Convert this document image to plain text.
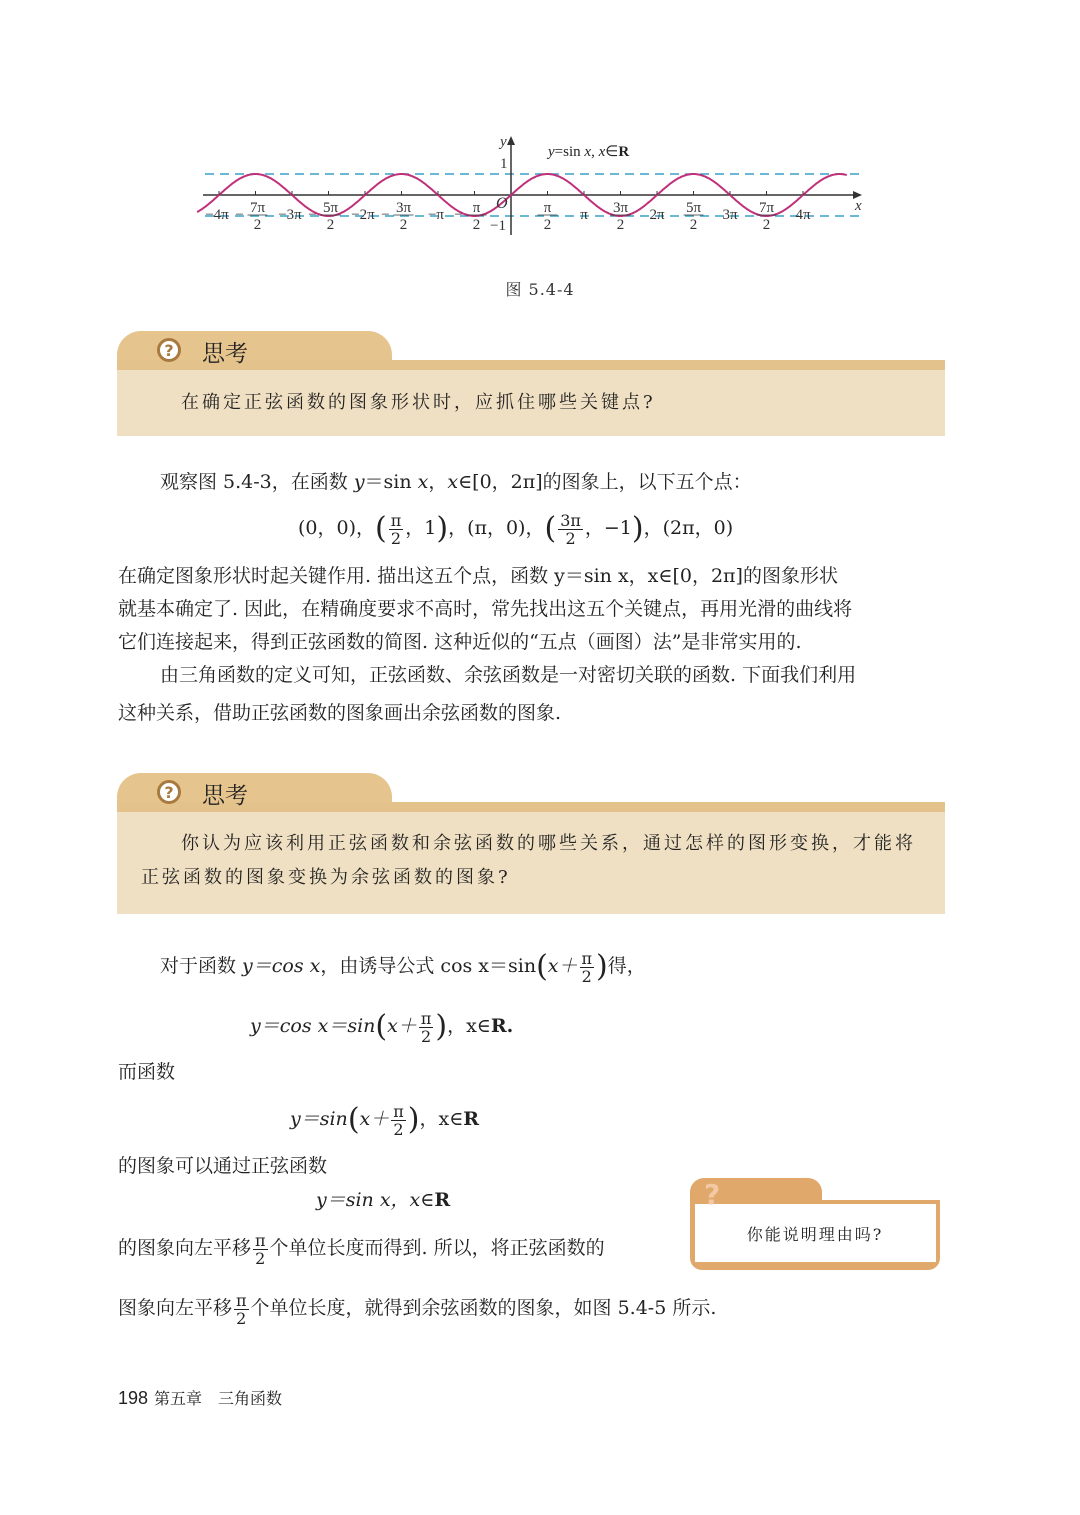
y
1
−1
O	x
y=sin x, x∈R
−4π 7π
2
− −3π 5π
2
− −2π 3π
2
−	−π π
2
−	π
2
π 3π
2
2π 5π
2
3π 7π
2
4π
图 5.4-4
?	思考
在确定正弦函数的图象形状时，应抓住哪些关键点?
观察图 5.4-3，在函数 y＝sin x，x∈[0，2π]的图象上，以下五个点：
(0，0)，( $\frac{\pi}{2}$ ，1)，(π，0)，( $\frac{3\pi}{2}$ ，−1)，(2π，0)
在确定图象形状时起关键作用. 描出这五个点，函数 y＝sin x，x∈[0，2π]的图象形状
就基本确定了. 因此，在精确度要求不高时，常先找出这五个关键点，再用光滑的曲线将
它们连接起来，得到正弦函数的简图. 这种近似的“五点（画图）法”是非常实用的.
由三角函数的定义可知，正弦函数、余弦函数是一对密切关联的函数. 下面我们利用
这种关系，借助正弦函数的图象画出余弦函数的图象.
?	思考
你认为应该利用正弦函数和余弦函数的哪些关系，通过怎样的图形变换，才能将
正弦函数的图象变换为余弦函数的图象?
对于函数 y＝cos x，由诱导公式 $\cos x=\sin(x+ \frac{\pi}{2}$ )得，
y＝cos $x=\sin(x+ \frac{\pi}{2}$ )，x∈R.
而函数
$y=\sin(x+ \frac{\pi}{2}$ )，x∈R
的图象可以通过正弦函数
y＝sin x，x∈R
的图象向左平移 $\frac{\pi}{2}$ 个单位长度而得到. 所以，将正弦函数的
图象向左平移 $\frac{\pi}{2}$ 个单位长度，就得到余弦函数的图象，如图 5.4-5 所示.
?
你能说明理由吗?
198 第五章　三角函数
